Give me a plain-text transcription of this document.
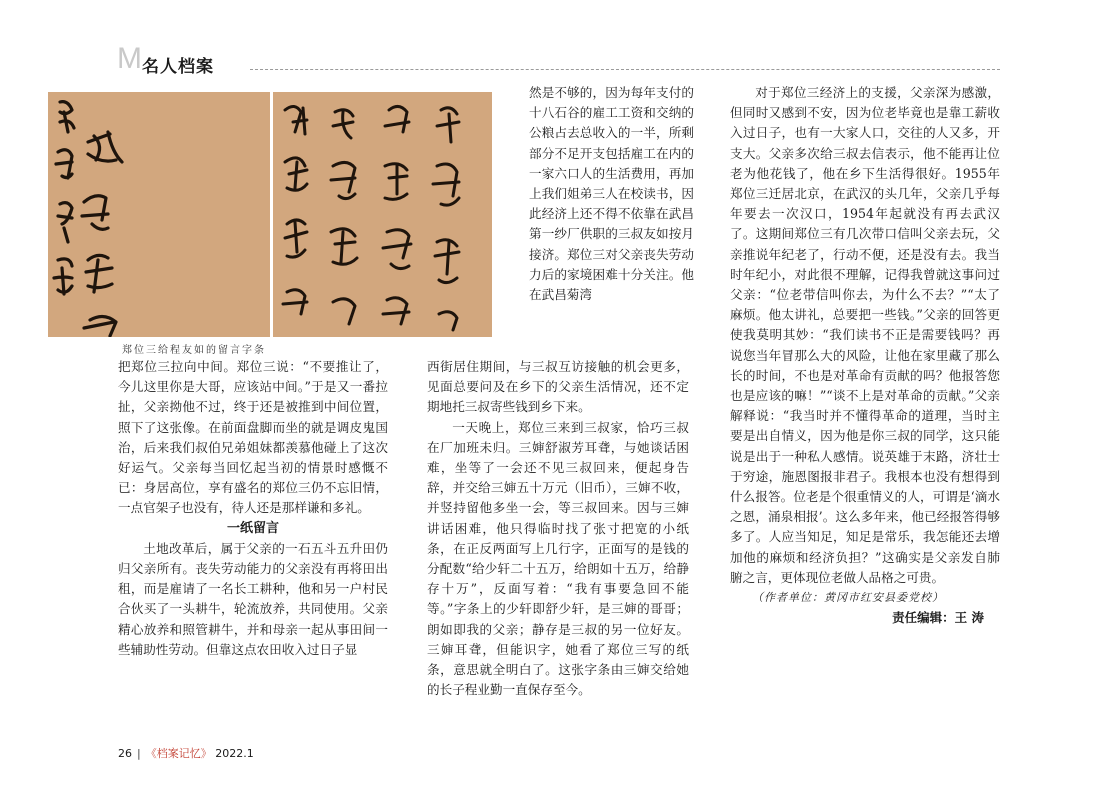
M 名人档案
郑位三给程友如的留言字条

然是不够的，因为每年支付的十八石谷的雇工工资和交纳的公粮占去总收入的一半，所剩部分不足开支包括雇工在内的一家六口人的生活费用，再加上我们姐弟三人在校读书，因此经济上还不得不依靠在武昌第一纱厂供职的三叔友如按月接济。郑位三对父亲丧失劳动力后的家境困难十分关注。他在武昌菊湾

对于郑位三经济上的支援，父亲深为感激，但同时又感到不安，因为位老毕竟也是靠工薪收入过日子，也有一大家人口，交往的人又多，开支大。父亲多次给三叔去信表示，他不能再让位老为他花钱了，他在乡下生活得很好。1955年郑位三迁居北京，在武汉的头几年，父亲几乎每年要去一次汉口，1954年起就没有再去武汉了。这期间郑位三有几次带口信叫父亲去玩，父亲推说年纪老了，行动不便，还是没有去。我当时年纪小，对此很不理解，记得我曾就这事问过父亲：“位老带信叫你去，为什么不去？”“太了麻烦。他太讲礼，总要把一些钱。”父亲的回答更使我莫明其妙：“我们读书不正是需要钱吗？再说您当年冒那么大的风险，让他在家里藏了那么长的时间，不也是对革命有贡献的吗？他报答您也是应该的嘛！”“谈不上是对革命的贡献。”父亲解释说：“我当时并不懂得革命的道理，当时主要是出自情义，因为他是你三叔的同学，这只能说是出于一种私人感情。说英雄于末路，济壮士于穷途，施恩图报非君子。我根本也没有想得到什么报答。位老是个很重情义的人，可谓是‘滴水之恩，涌泉相报’。这么多年来，他已经报答得够多了。人应当知足，知足是常乐，我怎能还去增加他的麻烦和经济负担？”这确实是父亲发自肺腑之言，更体现位老做人品格之可贵。

（作者单位：黄冈市红安县委党校）

责任编辑：王 涛

把郑位三拉向中间。郑位三说：“不要推让了，今儿这里你是大哥，应该站中间。”于是又一番拉扯，父亲拗他不过，终于还是被推到中间位置，照下了这张像。在前面盘脚而坐的就是调皮鬼国治，后来我们叔伯兄弟姐妹都羡慕他碰上了这次好运气。父亲每当回忆起当初的情景时感慨不已：身居高位，享有盛名的郑位三仍不忘旧情，一点官架子也没有，待人还是那样谦和多礼。

一纸留言

土地改革后，属于父亲的一石五斗五升田仍归父亲所有。丧失劳动能力的父亲没有再将田出租，而是雇请了一名长工耕种，他和另一户村民合伙买了一头耕牛，轮流放养，共同使用。父亲精心放养和照管耕牛，并和母亲一起从事田间一些辅助性劳动。但靠这点农田收入过日子显

西街居住期间，与三叔互访接触的机会更多，见面总要问及在乡下的父亲生活情况，还不定期地托三叔寄些钱到乡下来。

一天晚上，郑位三来到三叔家，恰巧三叔在厂加班未归。三婶舒淑芳耳聋，与她谈话困难，坐等了一会还不见三叔回来，便起身告辞，并交给三婶五十万元（旧币），三婶不收，并竖持留他多坐一会，等三叔回来。因与三婶讲话困难，他只得临时找了张寸把宽的小纸条，在正反两面写上几行字，正面写的是钱的分配数“给少轩二十五万，给朗如十五万，给静存十万”，反面写着：“我有事要急回不能等。”字条上的少轩即舒少轩，是三婶的哥哥；朗如即我的父亲；静存是三叔的另一位好友。三婶耳聋，但能识字，她看了郑位三写的纸条，意思就全明白了。这张字条由三婶交给她的长子程业勤一直保存至今。

26 | 《档案记忆》 2022.1
